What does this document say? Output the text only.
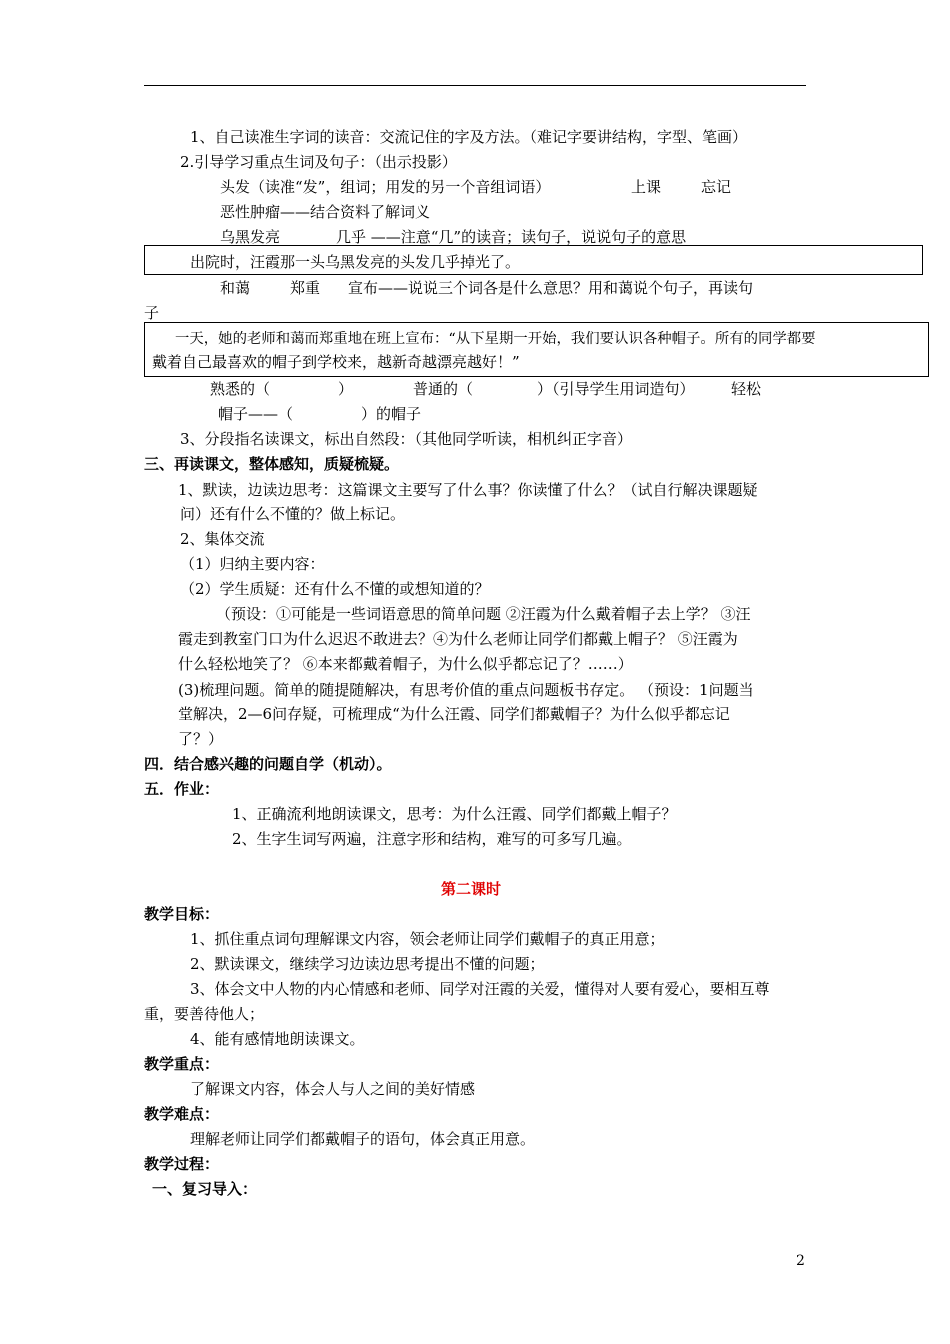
1、自己读准生字词的读音：交流记住的字及方法。（难记字要讲结构，字型、笔画）
2.引导学习重点生词及句子：（出示投影）
头发（读准“发”，组词；用发的另一个音组词语）	上课	忘记
恶性肿瘤——结合资料了解词义
乌黑发亮	几乎 ——注意“几”的读音；读句子，说说句子的意思
出院时，汪霞那一头乌黑发亮的头发几乎掉光了。
和蔼	郑重 宣布——说说三个词各是什么意思？用和蔼说个句子，再读句
子
一天，她的老师和蔼而郑重地在班上宣布：“从下星期一开始，我们要认识各种帽子。所有的同学都要
戴着自己最喜欢的帽子到学校来，越新奇越漂亮越好！”
熟悉的（	）	普通的（	）（引导学生用词造句） 轻松
帽子——（	）的帽子
3、分段指名读课文，标出自然段：（其他同学听读，相机纠正字音）
三、再读课文，整体感知，质疑梳疑。
1、默读，边读边思考：这篇课文主要写了什么事？你读懂了什么？（试自行解决课题疑
问）还有什么不懂的？做上标记。
2、集体交流
（1）归纳主要内容：
（2）学生质疑：还有什么不懂的或想知道的？
（预设：①可能是一些词语意思的简单问题 ②汪霞为什么戴着帽子去上学？ ③汪
霞走到教室门口为什么迟迟不敢进去？④为什么老师让同学们都戴上帽子？ ⑤汪霞为
什么轻松地笑了？ ⑥本来都戴着帽子，为什么似乎都忘记了？……）
(3)梳理问题。简单的随提随解决，有思考价值的重点问题板书存定。 （预设：1问题当
堂解决，2—6问存疑，可梳理成“为什么汪霞、同学们都戴帽子？为什么似乎都忘记
了？）
四．结合感兴趣的问题自学（机动）。
五．作业：
1、正确流利地朗读课文，思考：为什么汪霞、同学们都戴上帽子？
2、生字生词写两遍，注意字形和结构，难写的可多写几遍。
第二课时
教学目标：
1、抓住重点词句理解课文内容，领会老师让同学们戴帽子的真正用意；
2、默读课文，继续学习边读边思考提出不懂的问题；
3、体会文中人物的内心情感和老师、同学对汪霞的关爱，懂得对人要有爱心，要相互尊
重，要善待他人；
4、能有感情地朗读课文。
教学重点：
了解课文内容，体会人与人之间的美好情感
教学难点：
理解老师让同学们都戴帽子的语句，体会真正用意。
教学过程：
一、复习导入：
2
